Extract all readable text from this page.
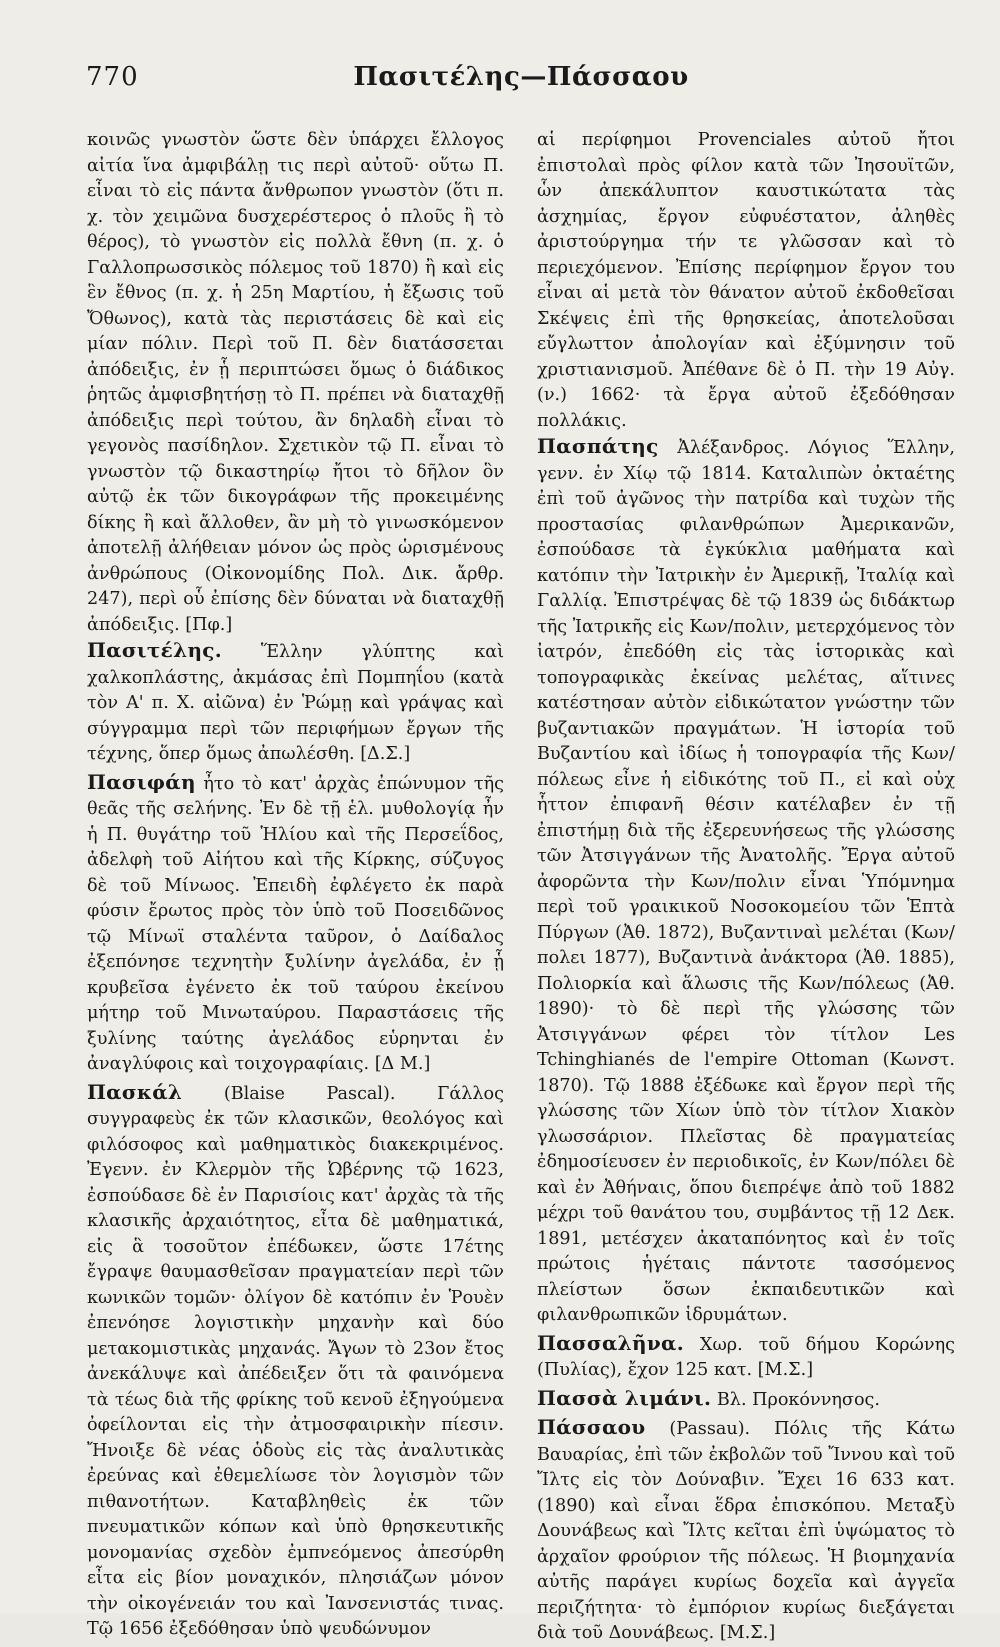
770	Πασιτέλης—Πάσσαου

κοινῶς γνωστὸν ὥστε δὲν ὑπάρχει ἔλλογος αἰτία ἵνα ἀμφιβάλῃ τις περὶ αὐτοῦ· οὕτω Π. εἶναι τὸ εἰς πάντα ἄνθρωπον γνωστὸν (ὅτι π. χ. τὸν χειμῶνα δυσχερέστερος ὁ πλοῦς ἢ τὸ θέρος), τὸ γνωστὸν εἰς πολλὰ ἔθνη (π. χ. ὁ Γαλλοπρωσσικὸς πόλεμος τοῦ 1870) ἢ καὶ εἰς ἓν ἔθνος (π. χ. ἡ 25η Μαρτίου, ἡ ἔξωσις τοῦ Ὄθωνος), κατὰ τὰς περιστάσεις δὲ καὶ εἰς μίαν πόλιν. Περὶ τοῦ Π. δὲν διατάσσεται ἀπόδειξις, ἐν ᾗ περιπτώσει ὅμως ὁ διάδικος ῥητῶς ἀμφισβητήσῃ τὸ Π. πρέπει νὰ διαταχθῇ ἀπόδειξις περὶ τούτου, ἂν δηλαδὴ εἶναι τὸ γεγονὸς πασίδηλον. Σχετικὸν τῷ Π. εἶναι τὸ γνωστὸν τῷ δικαστηρίῳ ἤτοι τὸ δῆλον ὃν αὐτῷ ἐκ τῶν δικογράφων τῆς προκειμένης δίκης ἢ καὶ ἄλλοθεν, ἂν μὴ τὸ γινωσκόμενον ἀποτελῇ ἀλήθειαν μόνον ὡς πρὸς ὡρισμένους ἀνθρώπους (Οἰκονομίδης Πολ. Δικ. ἄρθρ. 247), περὶ οὗ ἐπίσης δὲν δύναται νὰ διαταχθῇ ἀπόδειξις. [Πφ.]

Πασιτέλης. Ἕλλην γλύπτης καὶ χαλκοπλάστης, ἀκμάσας ἐπὶ Πομπηΐου (κατὰ τὸν Α' π. Χ. αἰῶνα) ἐν Ῥώμῃ καὶ γράψας καὶ σύγγραμμα περὶ τῶν περιφήμων ἔργων τῆς τέχνης, ὅπερ ὅμως ἀπωλέσθη. [Δ.Σ.]

Πασιφάη ἦτο τὸ κατ' ἀρχὰς ἐπώνυμον τῆς θεᾶς τῆς σελήνης. Ἐν δὲ τῇ ἑλ. μυθολογίᾳ ἦν ἡ Π. θυγάτηρ τοῦ Ἡλίου καὶ τῆς Περσεΐδος, ἀδελφὴ τοῦ Αἰήτου καὶ τῆς Κίρκης, σύζυγος δὲ τοῦ Μίνωος. Ἐπειδὴ ἐφλέγετο ἐκ παρὰ φύσιν ἔρωτος πρὸς τὸν ὑπὸ τοῦ Ποσειδῶνος τῷ Μίνωϊ σταλέντα ταῦρον, ὁ Δαίδαλος ἐξεπόνησε τεχνητὴν ξυλίνην ἀγελάδα, ἐν ᾗ κρυβεῖσα ἐγένετο ἐκ τοῦ ταύρου ἐκείνου μήτηρ τοῦ Μινωταύρου. Παραστάσεις τῆς ξυλίνης ταύτης ἀγελάδος εὑρηνται ἐν ἀναγλύφοις καὶ τοιχογραφίαις. [Δ Μ.]

Πασκάλ (Blaise Pascal). Γάλλος συγγραφεὺς ἐκ τῶν κλασικῶν, θεολόγος καὶ φιλόσοφος καὶ μαθηματικὸς διακεκριμένος. Ἐγενν. ἐν Κλερμὸν τῆς Ὠβέρνης τῷ 1623, ἐσπούδασε δὲ ἐν Παρισίοις κατ' ἀρχὰς τὰ τῆς κλασικῆς ἀρχαιότητος, εἶτα δὲ μαθηματικά, εἰς ἃ τοσοῦτον ἐπέδωκεν, ὥστε 17έτης ἔγραψε θαυμασθεῖσαν πραγματείαν περὶ τῶν κωνικῶν τομῶν· ὀλίγον δὲ κατόπιν ἐν Ῥουὲν ἐπενόησε λογιστικὴν μηχανὴν καὶ δύο μετακομιστικὰς μηχανάς. Ἄγων τὸ 23ον ἔτος ἀνεκάλυψε καὶ ἀπέδειξεν ὅτι τὰ φαινόμενα τὰ τέως διὰ τῆς φρίκης τοῦ κενοῦ ἐξηγούμενα ὀφείλονται εἰς τὴν ἀτμοσφαιρικὴν πίεσιν. Ἤνοιξε δὲ νέας ὁδοὺς εἰς τὰς ἀναλυτικὰς ἐρεύνας καὶ ἐθεμελίωσε τὸν λογισμὸν τῶν πιθανοτήτων. Καταβληθεὶς ἐκ τῶν πνευματικῶν κόπων καὶ ὑπὸ θρησκευτικῆς μονομανίας σχεδὸν ἐμπνεόμενος ἀπεσύρθη εἶτα εἰς βίον μοναχικόν, πλησιάζων μόνον τὴν οἰκογένειάν του καὶ Ἰανσενιστάς τινας. Τῷ 1656 ἐξεδόθησαν ὑπὸ ψευδώνυμον

αἱ περίφημοι Provenciales αὐτοῦ ἤτοι ἐπιστολαὶ πρὸς φίλον κατὰ τῶν Ἰησουϊτῶν, ὧν ἀπεκάλυπτον καυστικώτατα τὰς ἀσχημίας, ἔργον εὐφυέστατον, ἀληθὲς ἀριστούργημα τήν τε γλῶσσαν καὶ τὸ περιεχόμενον. Ἐπίσης περίφημον ἔργον του εἶναι αἱ μετὰ τὸν θάνατον αὐτοῦ ἐκδοθεῖσαι Σκέψεις ἐπὶ τῆς θρησκείας, ἀποτελοῦσαι εὔγλωττον ἀπολογίαν καὶ ἐξύμνησιν τοῦ χριστιανισμοῦ. Ἀπέθανε δὲ ὁ Π. τὴν 19 Αὐγ. (ν.) 1662· τὰ ἔργα αὐτοῦ ἐξεδόθησαν πολλάκις.

Πασπάτης Ἀλέξανδρος. Λόγιος Ἕλλην, γενν. ἐν Χίῳ τῷ 1814. Καταλιπὼν ὀκταέτης ἐπὶ τοῦ ἀγῶνος τὴν πατρίδα καὶ τυχὼν τῆς προστασίας φιλανθρώπων Ἀμερικανῶν, ἐσπούδασε τὰ ἐγκύκλια μαθήματα καὶ κατόπιν τὴν Ἰατρικὴν ἐν Ἀμερικῇ, Ἰταλίᾳ καὶ Γαλλίᾳ. Ἐπιστρέψας δὲ τῷ 1839 ὡς διδάκτωρ τῆς Ἰατρικῆς εἰς Κων/πολιν, μετερχόμενος τὸν ἰατρόν, ἐπεδόθη εἰς τὰς ἱστορικὰς καὶ τοπογραφικὰς ἐκείνας μελέτας, αἵτινες κατέστησαν αὐτὸν εἰδικώτατον γνώστην τῶν βυζαντιακῶν πραγμάτων. Ἡ ἱστορία τοῦ Βυζαντίου καὶ ἰδίως ἡ τοπογραφία τῆς Κων/πόλεως εἶνε ἡ εἰδικότης τοῦ Π., εἰ καὶ οὐχ ἧττον ἐπιφανῆ θέσιν κατέλαβεν ἐν τῇ ἐπιστήμῃ διὰ τῆς ἐξερευνήσεως τῆς γλώσσης τῶν Ἀτσιγγάνων τῆς Ἀνατολῆς. Ἔργα αὐτοῦ ἀφορῶντα τὴν Κων/πολιν εἶναι Ὑπόμνημα περὶ τοῦ γραικικοῦ Νοσοκομείου τῶν Ἑπτὰ Πύργων (Ἀθ. 1872), Βυζαντιναὶ μελέται (Κων/πολει 1877), Βυζαντινὰ ἀνάκτορα (Ἀθ. 1885), Πολιορκία καὶ ἅλωσις τῆς Κων/πόλεως (Ἀθ. 1890)· τὸ δὲ περὶ τῆς γλώσσης τῶν Ἀτσιγγάνων φέρει τὸν τίτλον Les Tchinghianés de l'empire Ottoman (Κωνστ. 1870). Τῷ 1888 ἐξέδωκε καὶ ἔργον περὶ τῆς γλώσσης τῶν Χίων ὑπὸ τὸν τίτλον Χιακὸν γλωσσάριον. Πλεῖστας δὲ πραγματείας ἐδημοσίευσεν ἐν περιοδικοῖς, ἐν Κων/πόλει δὲ καὶ ἐν Ἀθήναις, ὅπου διεπρέψε ἀπὸ τοῦ 1882 μέχρι τοῦ θανάτου του, συμβάντος τῇ 12 Δεκ. 1891, μετέσχεν ἀκαταπόνητος καὶ ἐν τοῖς πρώτοις ἡγέταις πάντοτε τασσόμενος πλείστων ὅσων ἐκπαιδευτικῶν καὶ φιλανθρωπικῶν ἱδρυμάτων.

Πασσαλῆνα. Χωρ. τοῦ δήμου Κορώνης (Πυλίας), ἔχον 125 κατ. [Μ.Σ.]

Πασσὰ λιμάνι. Βλ. Προκόννησος.

Πάσσαου (Passau). Πόλις τῆς Κάτω Βαυαρίας, ἐπὶ τῶν ἐκβολῶν τοῦ Ἴννου καὶ τοῦ Ἴλτς εἰς τὸν Δούναβιν. Ἔχει 16 633 κατ. (1890) καὶ εἶναι ἕδρα ἐπισκόπου. Μεταξὺ Δουνάβεως καὶ Ἴλτς κεῖται ἐπὶ ὑψώματος τὸ ἀρχαῖον φρούριον τῆς πόλεως. Ἡ βιομηχανία αὐτῆς παράγει κυρίως δοχεῖα καὶ ἀγγεῖα περιζήτητα· τὸ ἐμπόριον κυρίως διεξάγεται διὰ τοῦ Δουνάβεως. [Μ.Σ.]
